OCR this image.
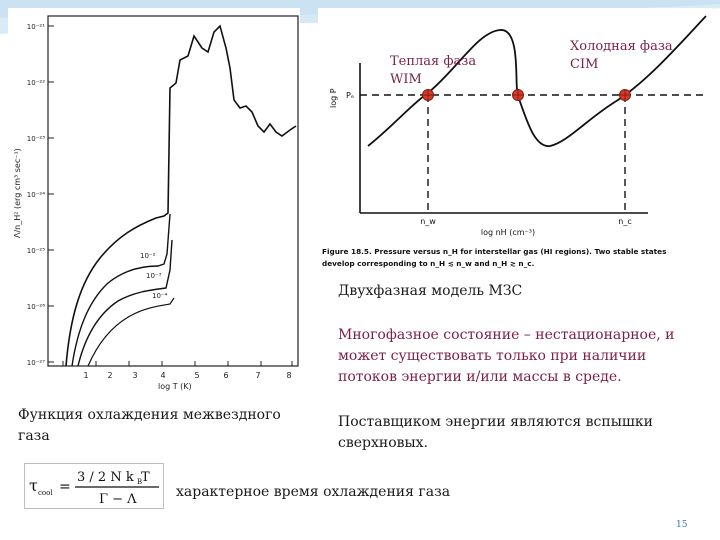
10⁻²¹
10⁻²²
10⁻²³
10⁻²⁴
10⁻²⁵
10⁻²⁶
10⁻²⁷
1 2 3	4	5	6	7	8
log T (K)
Λ/n_H² (erg cm³ sec⁻¹)
10⁻²
10⁻³
10⁻⁴
log P Pₑ
Теплая фаза
WIM
Холодная фаза
CIM
n_w	n_c
log nH (cm⁻³)
Figure 18.5. Pressure versus n_H for interstellar gas (HI regions). Two stable states
develop corresponding to n_H ≲ n_w and n_H ≳ n_c.
Функция охлаждения межвездного газа
Двухфазная модель МЗС
Многофазное состояние – нестационарное, и может существовать только при наличии потоков энергии и/или массы в среде.
Поставщиком энергии являются вспышки сверхновых.
τ cool =
3 / 2 N k B
T
Γ − Λ	характерное время охлаждения газа
15
